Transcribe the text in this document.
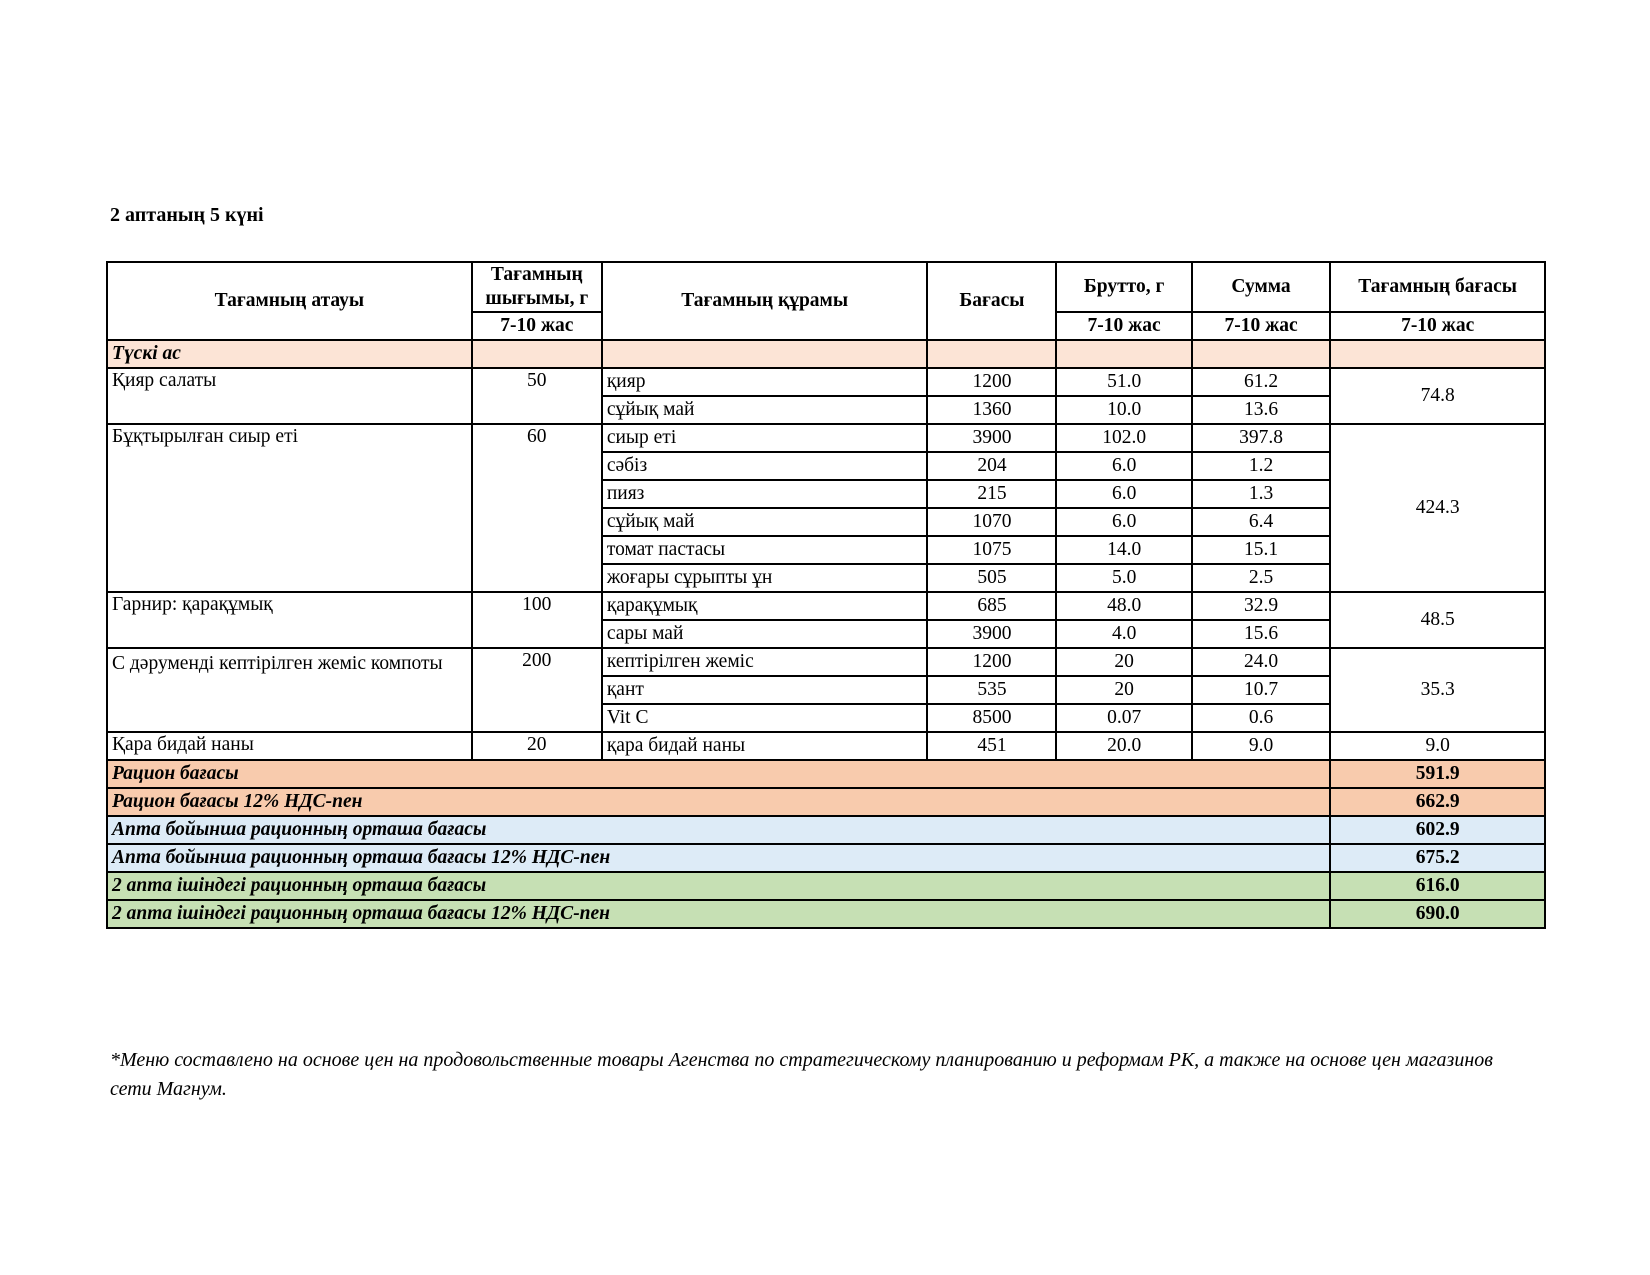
2 аптаның 5 күні
Тағамның атауы	Тағамның шығымы, г	Тағамның құрамы	Бағасы	Брутто, г	Сумма	Тағамның бағасы
	7-10 жас			7-10 жас	7-10 жас	7-10 жас
Түскі ас						
Қияр салаты	50	қияр	1200	51.0	61.2	74.8
		сұйық май	1360	10.0	13.6	
Бұқтырылған сиыр еті	60	сиыр еті	3900	102.0	397.8	424.3
		сәбіз	204	6.0	1.2	
		пияз	215	6.0	1.3	
		сұйық май	1070	6.0	6.4	
		томат пастасы	1075	14.0	15.1	
		жоғары сұрыпты ұн	505	5.0	2.5	
Гарнир: қарақұмық	100	қарақұмық	685	48.0	32.9	48.5
		сары май	3900	4.0	15.6	
С дәруменді кептірілген жеміс компоты	200	кептірілген жеміс	1200	20	24.0	35.3
		қант	535	20	10.7	
		Vit C	8500	0.07	0.6	
Қара бидай наны	20	қара бидай наны	451	20.0	9.0	9.0
Рацион бағасы						591.9
Рацион бағасы 12% НДС-пен						662.9
Апта бойынша рационның орташа бағасы						602.9
Апта бойынша рационның орташа бағасы 12% НДС-пен						675.2
2 апта ішіндегі рационның орташа бағасы						616.0
2 апта ішіндегі рационның орташа бағасы 12% НДС-пен						690.0
*Меню составлено на основе цен на продовольственные товары Агенства по стратегическому планированию и реформам РК, а также на основе цен магазинов сети Магнум.
